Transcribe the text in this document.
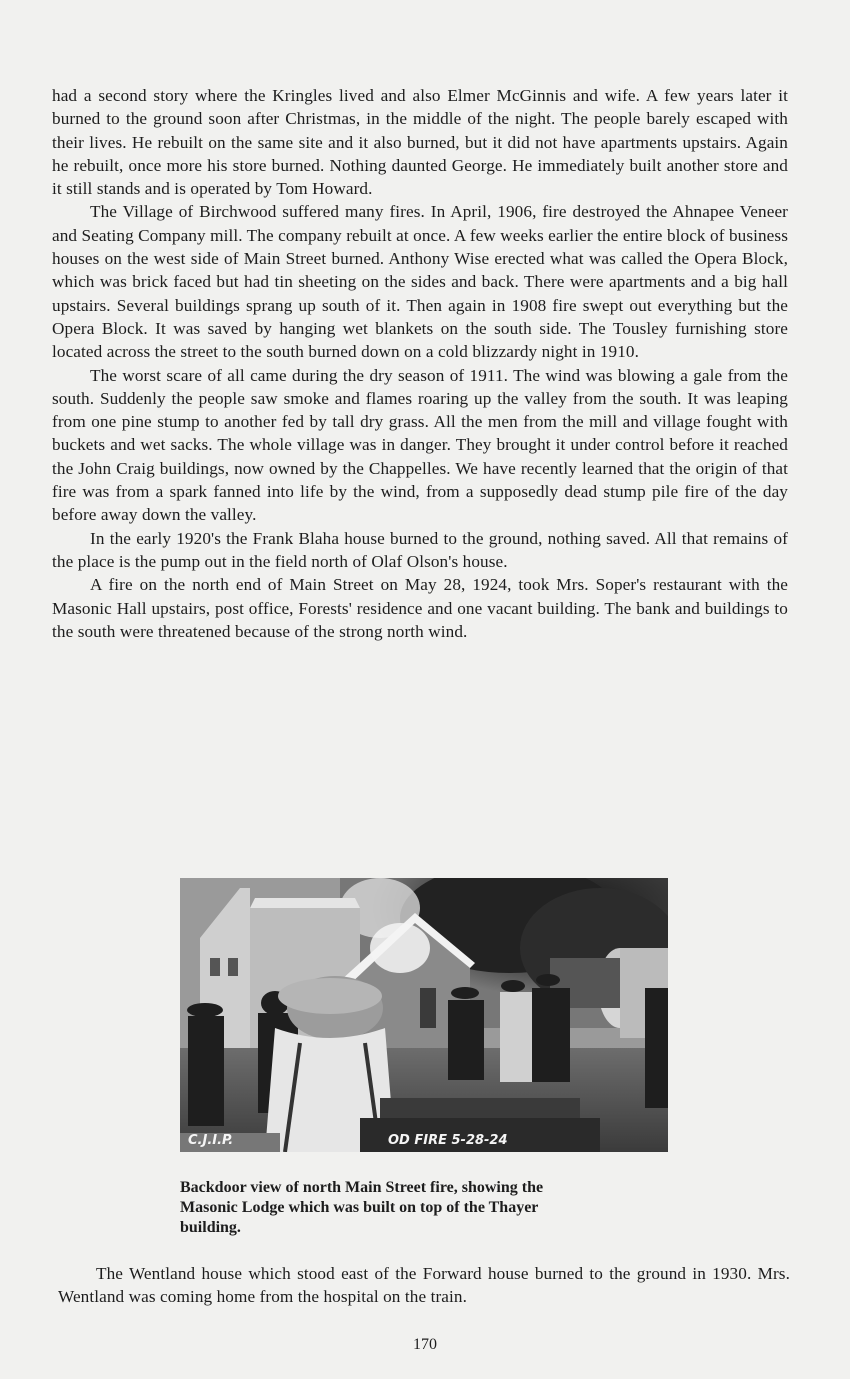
had a second story where the Kringles lived and also Elmer McGinnis and wife. A few years later it burned to the ground soon after Christmas, in the middle of the night. The people barely escaped with their lives. He rebuilt on the same site and it also burned, but it did not have apartments upstairs. Again he rebuilt, once more his store burned. Nothing daunted George. He immediately built another store and it still stands and is operated by Tom Howard.

The Village of Birchwood suffered many fires. In April, 1906, fire destroyed the Ahnapee Veneer and Seating Company mill. The company rebuilt at once. A few weeks earlier the entire block of business houses on the west side of Main Street burned. Anthony Wise erected what was called the Opera Block, which was brick faced but had tin sheeting on the sides and back. There were apartments and a big hall upstairs. Several buildings sprang up south of it. Then again in 1908 fire swept out everything but the Opera Block. It was saved by hanging wet blankets on the south side. The Tousley furnishing store located across the street to the south burned down on a cold blizzardy night in 1910.

The worst scare of all came during the dry season of 1911. The wind was blowing a gale from the south. Suddenly the people saw smoke and flames roaring up the valley from the south. It was leaping from one pine stump to another fed by tall dry grass. All the men from the mill and village fought with buckets and wet sacks. The whole village was in danger. They brought it under control before it reached the John Craig buildings, now owned by the Chappelles. We have recently learned that the origin of that fire was from a spark fanned into life by the wind, from a supposedly dead stump pile fire of the day before away down the valley.

In the early 1920's the Frank Blaha house burned to the ground, nothing saved. All that remains of the place is the pump out in the field north of Olaf Olson's house.

A fire on the north end of Main Street on May 28, 1924, took Mrs. Soper's restaurant with the Masonic Hall upstairs, post office, Forests' residence and one vacant building. The bank and buildings to the south were threatened because of the strong north wind.

C.J.I.P.	OD FIRE 5-28-24
Backdoor view of north Main Street fire, showing the
Masonic Lodge which was built on top of the Thayer
building.

The Wentland house which stood east of the Forward house burned to the ground in 1930. Mrs. Wentland was coming home from the hospital on the train.

170
